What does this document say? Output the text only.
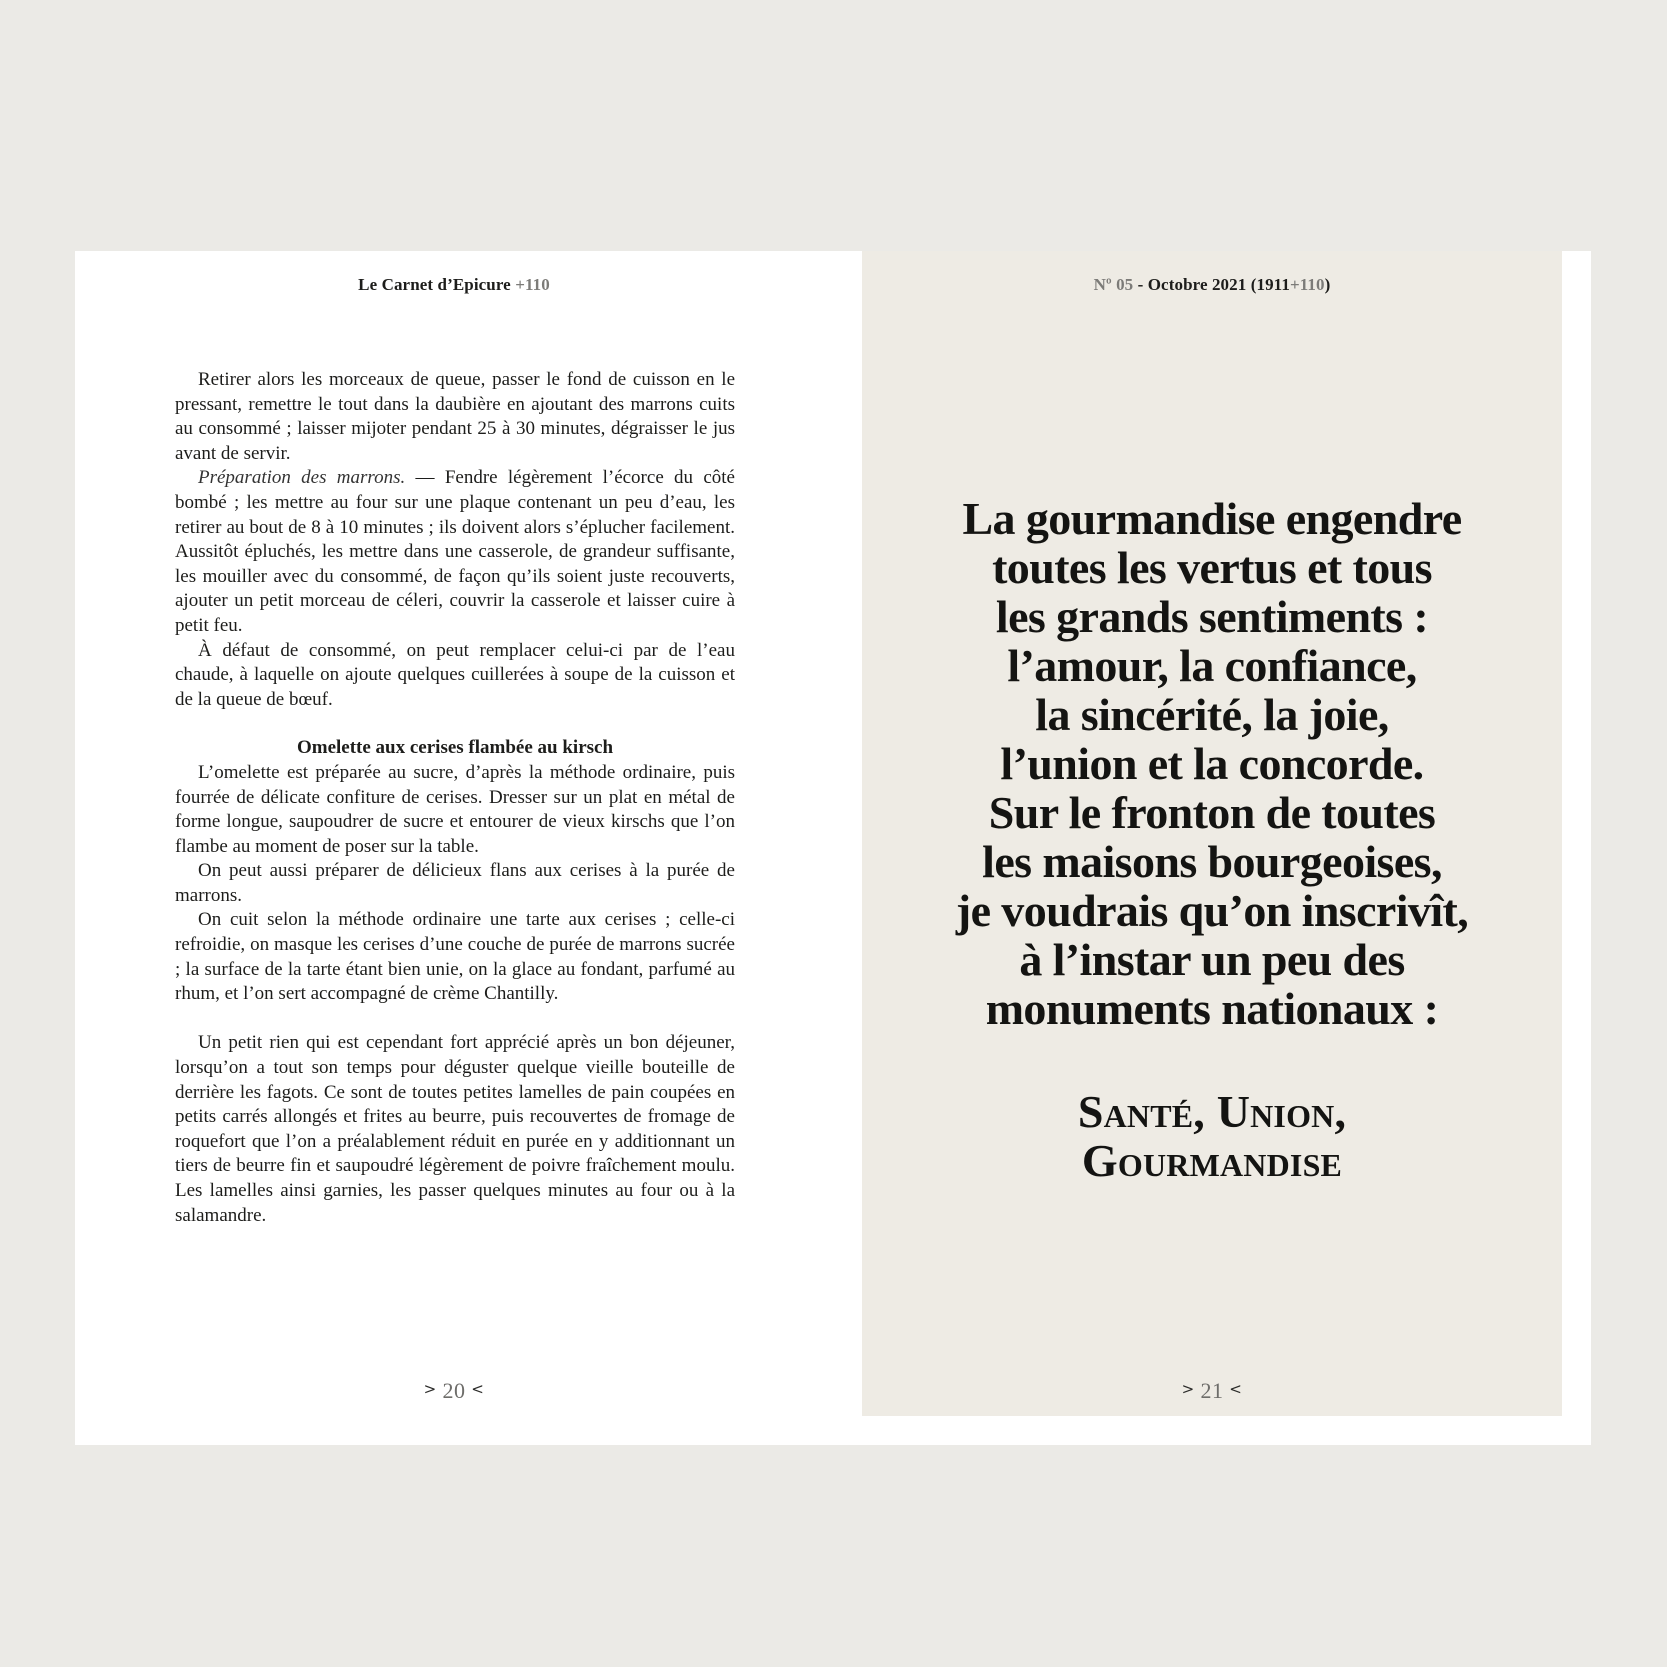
Le Carnet d’Epicure +110

Retirer alors les morceaux de queue, passer le fond de cuisson en le pressant, remettre le tout dans la daubière en ajoutant des marrons cuits au consommé ; laisser mijoter pendant 25 à 30 minutes, dégraisser le jus avant de servir.

Préparation des marrons. — Fendre légèrement l’écorce du côté bombé ; les mettre au four sur une plaque contenant un peu d’eau, les retirer au bout de 8 à 10 minutes ; ils doivent alors s’éplucher facilement. Aussitôt épluchés, les mettre dans une casserole, de grandeur suffisante, les mouiller avec du consommé, de façon qu’ils soient juste recouverts, ajouter un petit morceau de céleri, couvrir la casserole et laisser cuire à petit feu.

À défaut de consommé, on peut remplacer celui-ci par de l’eau chaude, à laquelle on ajoute quelques cuillerées à soupe de la cuisson et de la queue de bœuf.

Omelette aux cerises flambée au kirsch

L’omelette est préparée au sucre, d’après la méthode ordinaire, puis fourrée de délicate confiture de cerises. Dresser sur un plat en métal de forme longue, saupoudrer de sucre et entourer de vieux kirschs que l’on flambe au moment de poser sur la table.

On peut aussi préparer de délicieux flans aux cerises à la purée de marrons.

On cuit selon la méthode ordinaire une tarte aux cerises ; celle-ci refroidie, on masque les cerises d’une couche de purée de marrons sucrée ; la surface de la tarte étant bien unie, on la glace au fondant, parfumé au rhum, et l’on sert accompagné de crème Chantilly.

Un petit rien qui est cependant fort apprécié après un bon déjeuner, lorsqu’on a tout son temps pour déguster quelque vieille bouteille de derrière les fagots. Ce sont de toutes petites lamelles de pain coupées en petits carrés allongés et frites au beurre, puis recouvertes de fromage de roquefort que l’on a préalablement réduit en purée en y additionnant un tiers de beurre fin et saupoudré légèrement de poivre fraîchement moulu. Les lamelles ainsi garnies, les passer quelques minutes au four ou à la salamandre.

> 20 <
Nº 05 - Octobre 2021 (1911+110)
La gourmandise engendre
toutes les vertus et tous
les grands sentiments :
l’amour, la confiance,
la sincérité, la joie,
l’union et la concorde.
Sur le fronton de toutes
les maisons bourgeoises,
je voudrais qu’on inscrivît,
à l’instar un peu des
monuments nationaux :
Santé, Union,
Gourmandise
> 21 <
